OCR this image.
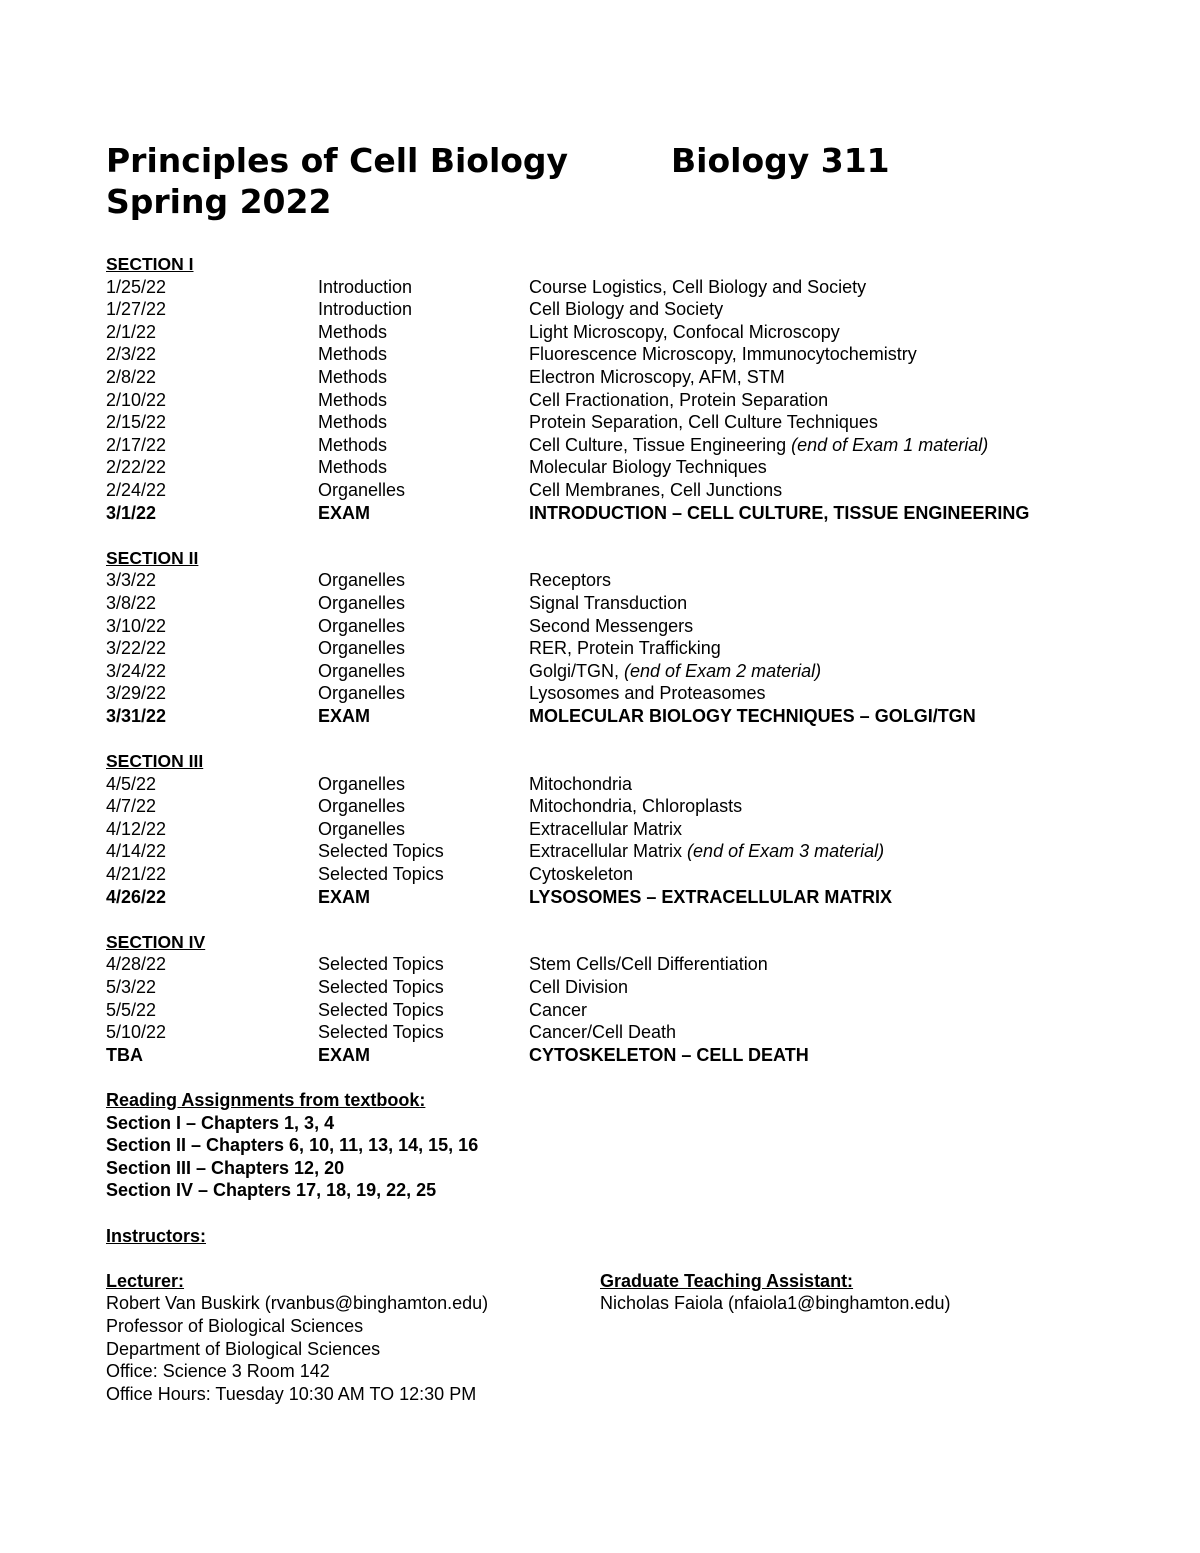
Principles of Cell Biology	Biology 311
Spring 2022
SECTION I
1/25/22	Introduction	Course Logistics, Cell Biology and Society
1/27/22	Introduction	Cell Biology and Society
2/1/22	Methods	Light Microscopy, Confocal Microscopy
2/3/22	Methods	Fluorescence Microscopy, Immunocytochemistry
2/8/22	Methods	Electron Microscopy, AFM, STM
2/10/22	Methods	Cell Fractionation, Protein Separation
2/15/22	Methods	Protein Separation, Cell Culture Techniques
2/17/22	Methods	Cell Culture, Tissue Engineering (end of Exam 1 material)
2/22/22	Methods	Molecular Biology Techniques
2/24/22	Organelles	Cell Membranes, Cell Junctions
3/1/22	EXAM	INTRODUCTION – CELL CULTURE, TISSUE ENGINEERING
SECTION II
3/3/22	Organelles	Receptors
3/8/22	Organelles	Signal Transduction
3/10/22	Organelles	Second Messengers
3/22/22	Organelles	RER, Protein Trafficking
3/24/22	Organelles	Golgi/TGN, (end of Exam 2 material)
3/29/22	Organelles	Lysosomes and Proteasomes
3/31/22	EXAM	MOLECULAR BIOLOGY TECHNIQUES – GOLGI/TGN
SECTION III
4/5/22	Organelles	Mitochondria
4/7/22	Organelles	Mitochondria, Chloroplasts
4/12/22	Organelles	Extracellular Matrix
4/14/22	Selected Topics	Extracellular Matrix (end of Exam 3 material)
4/21/22	Selected Topics	Cytoskeleton
4/26/22	EXAM	LYSOSOMES – EXTRACELLULAR MATRIX
SECTION IV
4/28/22	Selected Topics	Stem Cells/Cell Differentiation
5/3/22	Selected Topics	Cell Division
5/5/22	Selected Topics	Cancer
5/10/22	Selected Topics	Cancer/Cell Death
TBA	EXAM	CYTOSKELETON – CELL DEATH
Reading Assignments from textbook:
Section I – Chapters 1, 3, 4
Section II – Chapters 6, 10, 11, 13, 14, 15, 16
Section III – Chapters 12, 20
Section IV – Chapters 17, 18, 19, 22, 25
Instructors:
Lecturer:
Robert Van Buskirk (rvanbus@binghamton.edu)
Professor of Biological Sciences
Department of Biological Sciences
Office: Science 3 Room 142
Office Hours: Tuesday 10:30 AM TO 12:30 PM
Graduate Teaching Assistant:
Nicholas Faiola (nfaiola1@binghamton.edu)
